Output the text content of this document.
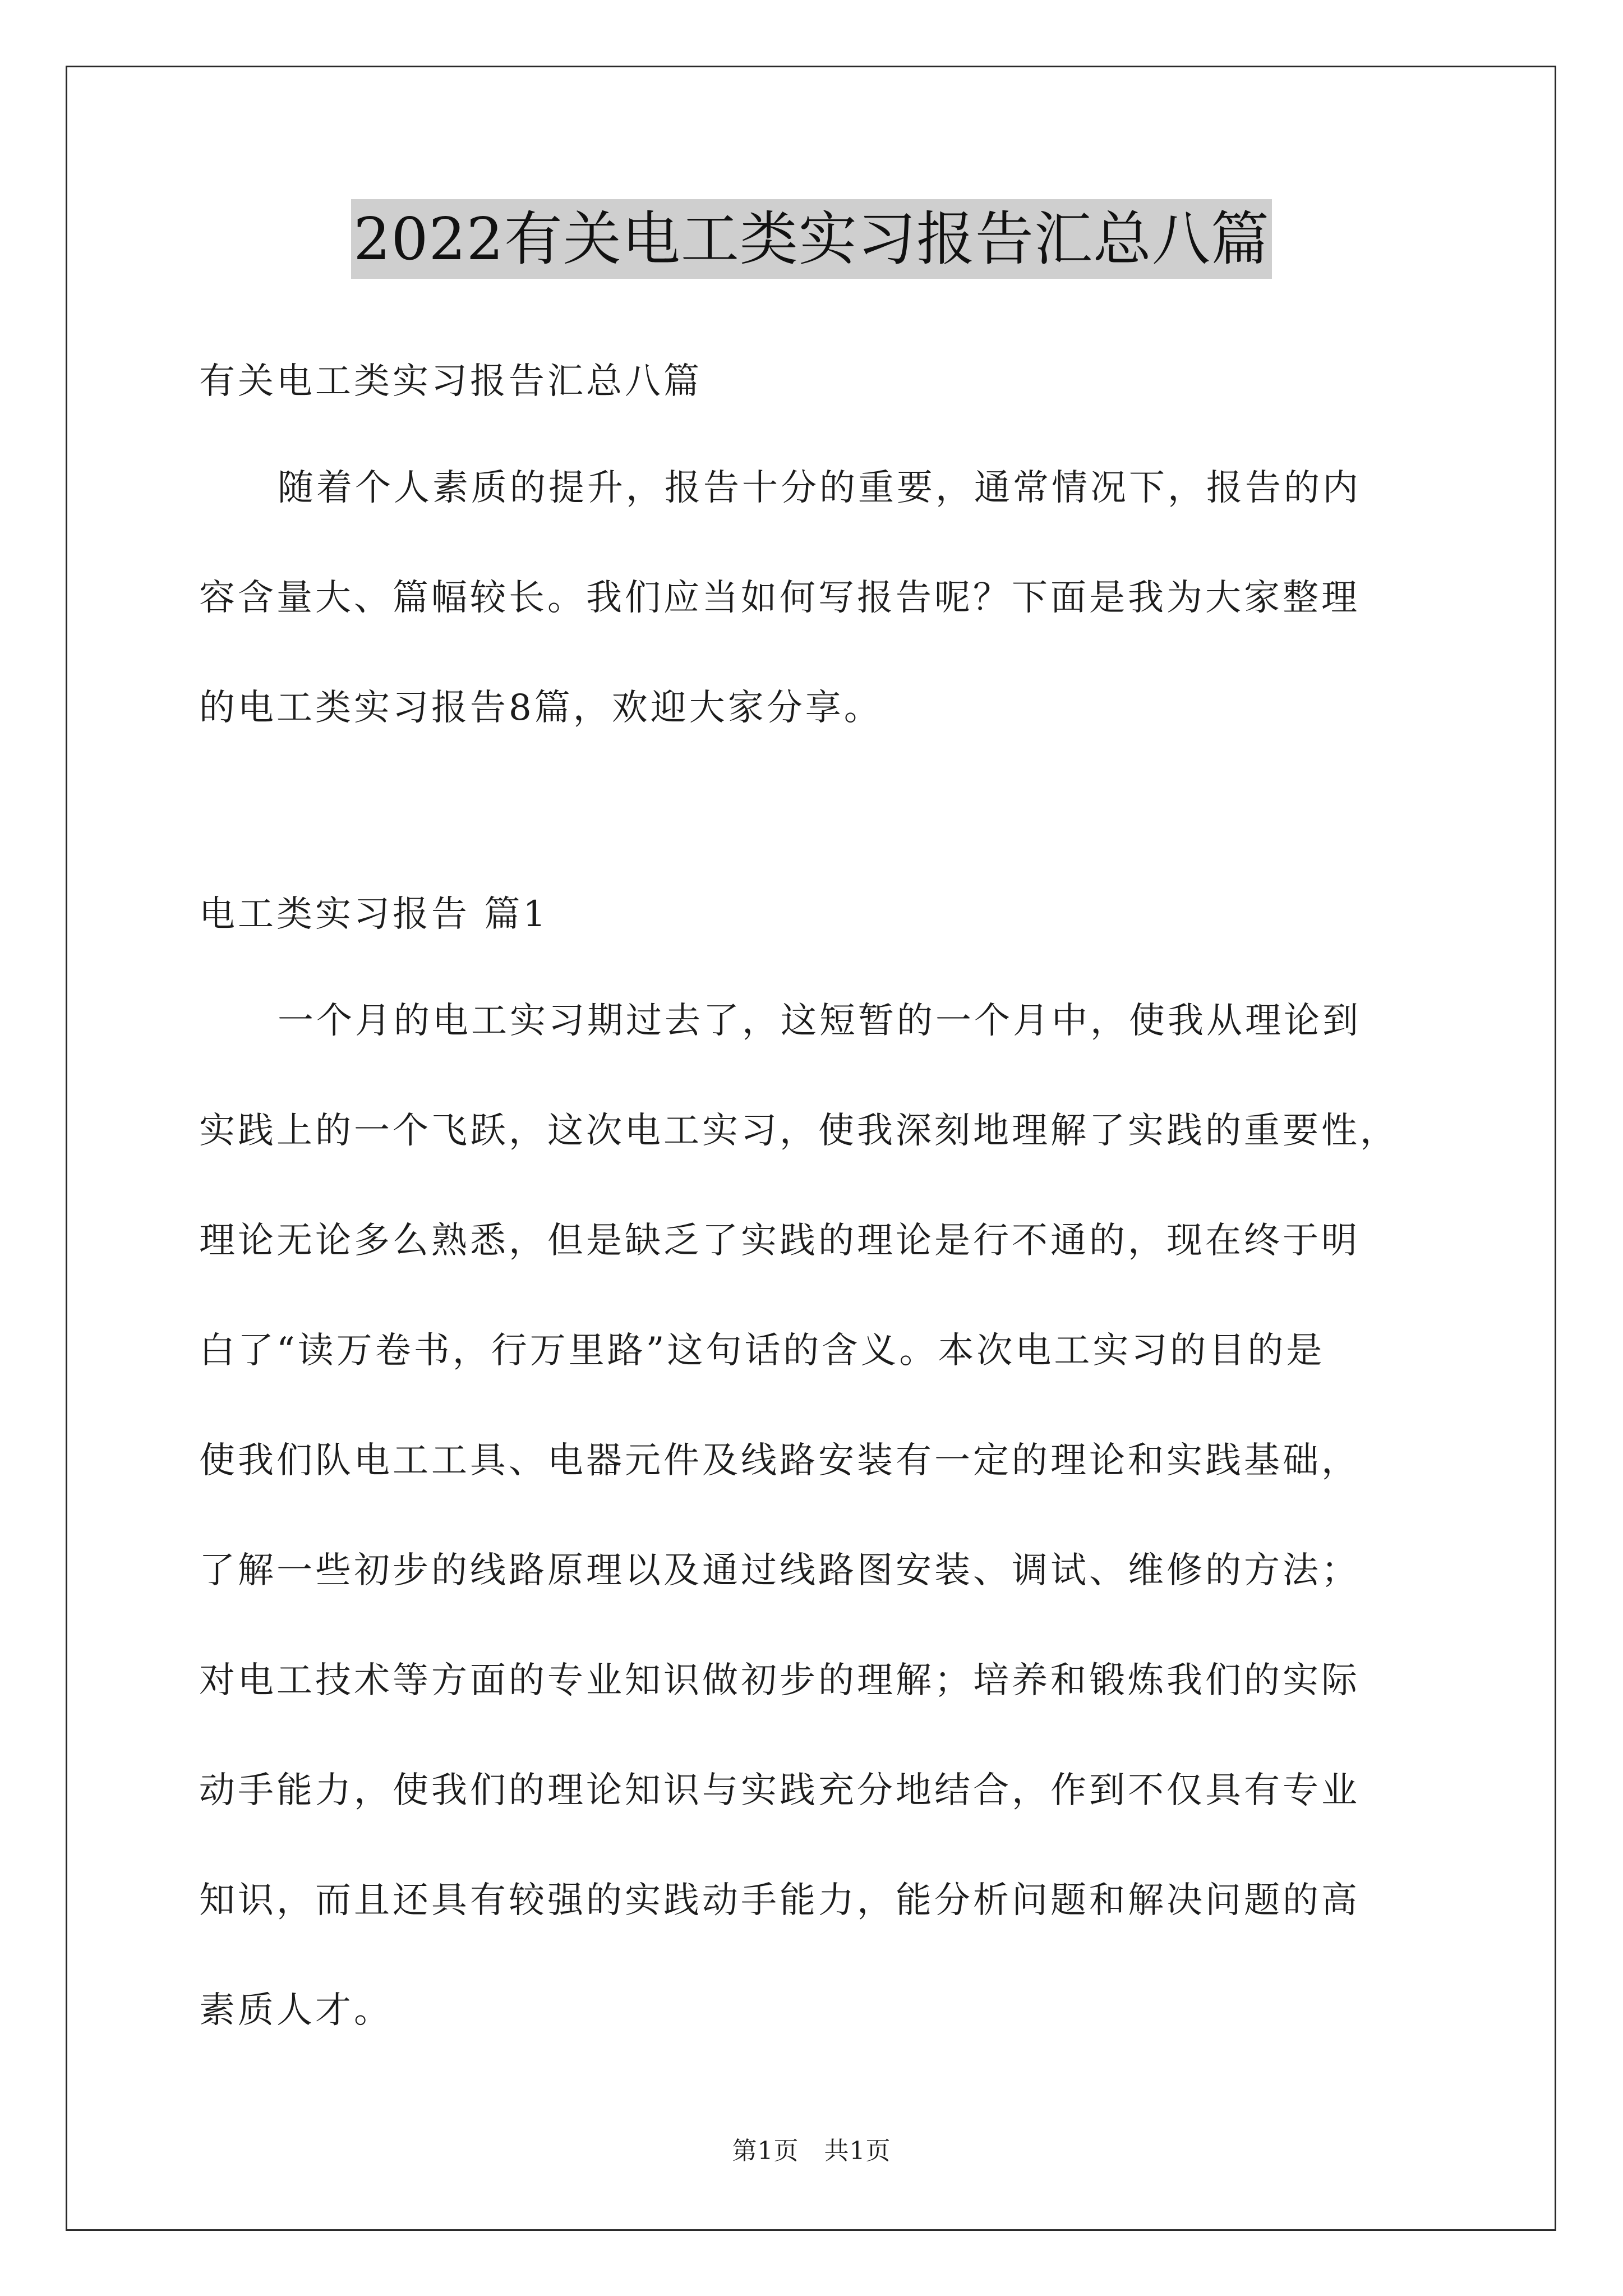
2022有关电工类实习报告汇总八篇
有关电工类实习报告汇总八篇
随着个人素质的提升，报告十分的重要，通常情况下，报告的内
容含量大、篇幅较长。我们应当如何写报告呢？下面是我为大家整理
的电工类实习报告8篇，欢迎大家分享。
电工类实习报告 篇1
一个月的电工实习期过去了，这短暂的一个月中，使我从理论到
实践上的一个飞跃，这次电工实习，使我深刻地理解了实践的重要性，
理论无论多么熟悉，但是缺乏了实践的理论是行不通的，现在终于明
白了“读万卷书，行万里路”这句话的含义。本次电工实习的目的是
使我们队电工工具、电器元件及线路安装有一定的理论和实践基础，
了解一些初步的线路原理以及通过线路图安装、调试、维修的方法；
对电工技术等方面的专业知识做初步的理解；培养和锻炼我们的实际
动手能力，使我们的理论知识与实践充分地结合，作到不仅具有专业
知识，而且还具有较强的实践动手能力，能分析问题和解决问题的高
素质人才。
第1页　共1页
